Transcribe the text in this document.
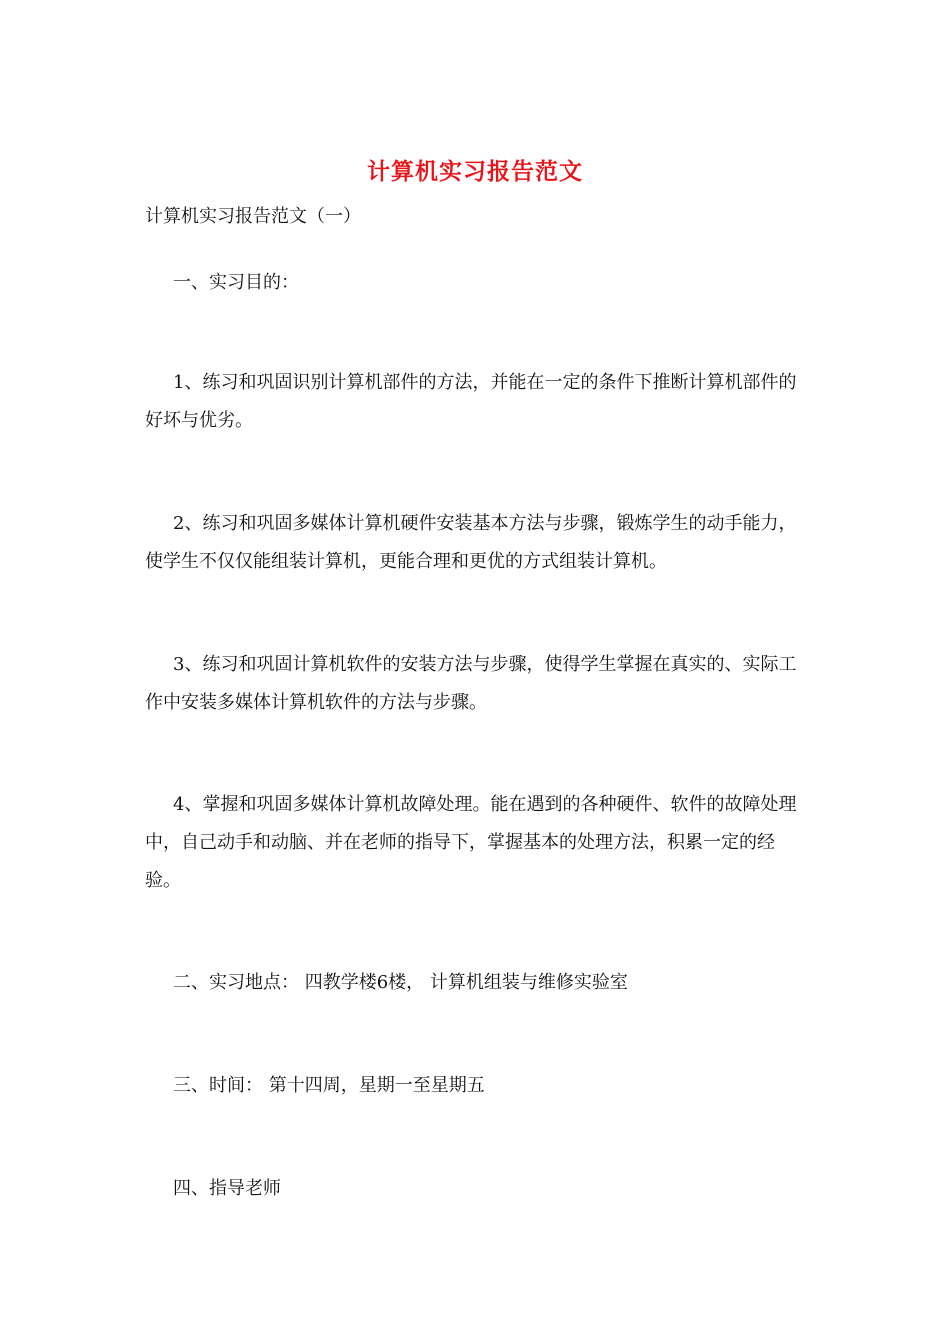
计算机实习报告范文

计算机实习报告范文（一）

一、实习目的：

1、练习和巩固识别计算机部件的方法，并能在一定的条件下推断计算机部件的好坏与优劣。

2、练习和巩固多媒体计算机硬件安装基本方法与步骤，锻炼学生的动手能力，使学生不仅仅能组装计算机，更能合理和更优的方式组装计算机。

3、练习和巩固计算机软件的安装方法与步骤，使得学生掌握在真实的、实际工作中安装多媒体计算机软件的方法与步骤。

4、掌握和巩固多媒体计算机故障处理。能在遇到的各种硬件、软件的故障处理中，自己动手和动脑、并在老师的指导下，掌握基本的处理方法，积累一定的经验。

二、实习地点： 四教学楼6楼， 计算机组装与维修实验室

三、时间： 第十四周，星期一至星期五

四、指导老师
